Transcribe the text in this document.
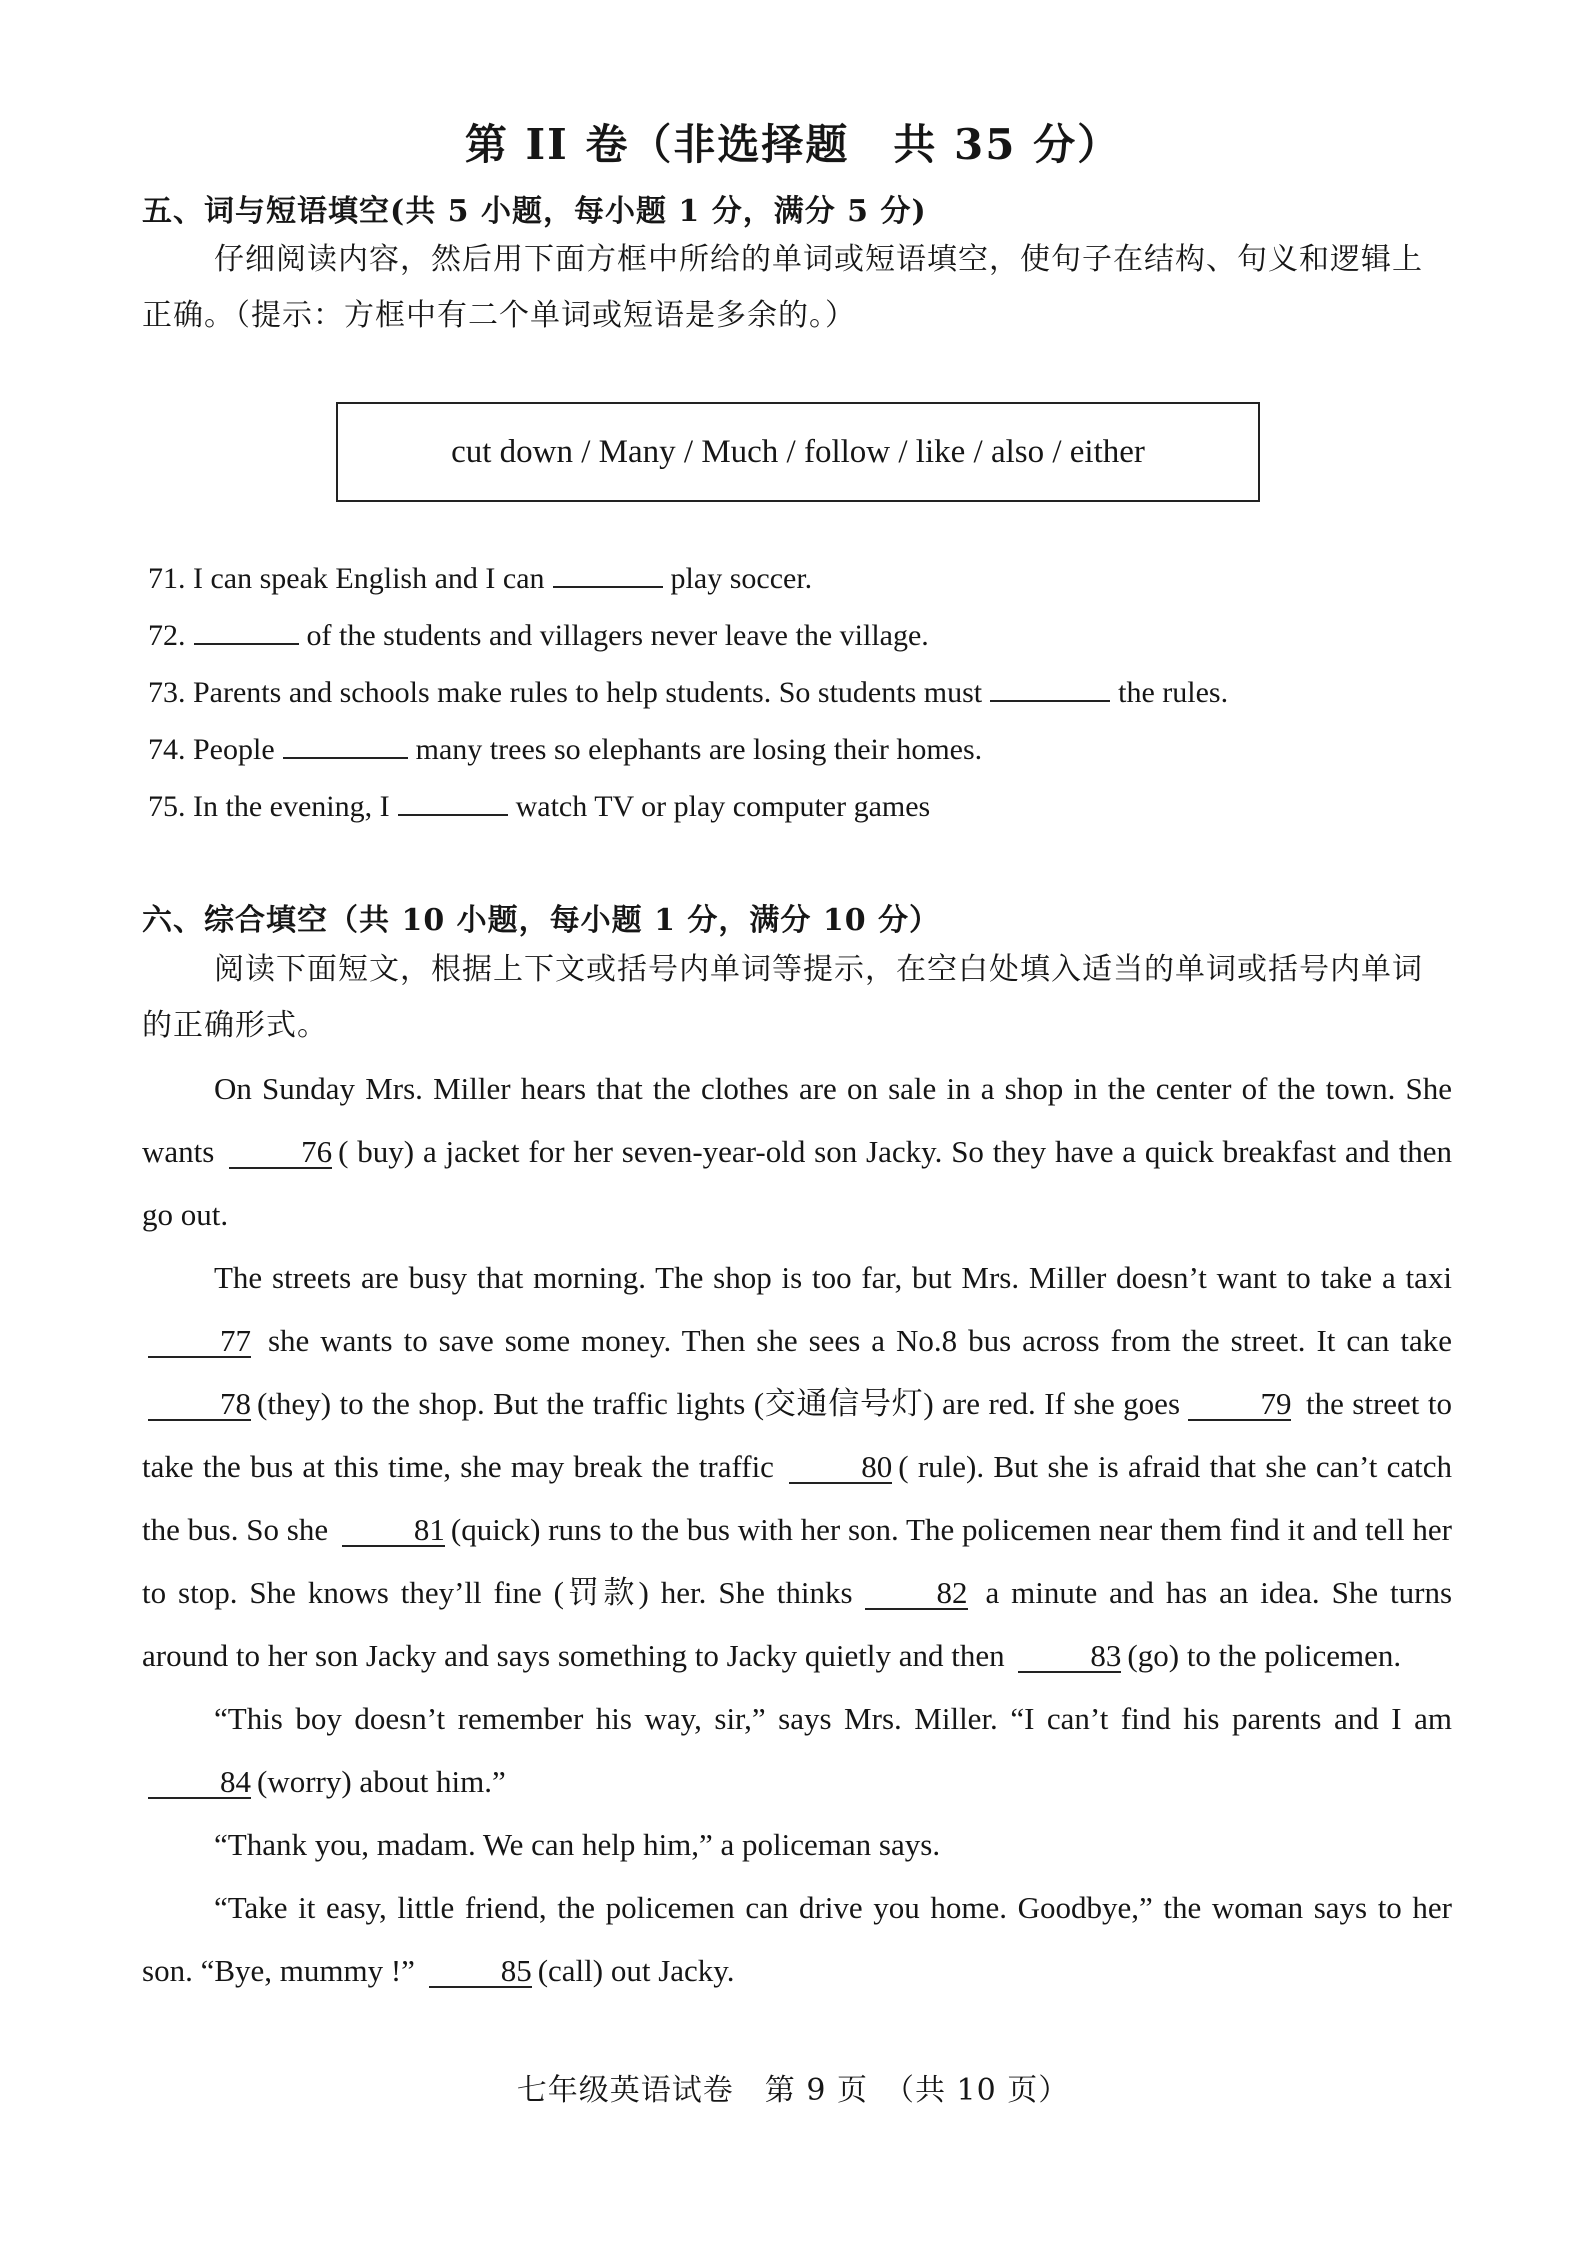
第 II 卷（非选择题　共 35 分）
五、词与短语填空(共 5 小题，每小题 1 分，满分 5 分)
仔细阅读内容，然后用下面方框中所给的单词或短语填空，使句子在结构、句义和逻辑上正确。（提示：方框中有二个单词或短语是多余的。）
cut down / Many / Much / follow / like / also / either
71. I can speak English and I can	play soccer.
72.	of the students and villagers never leave the village.
73. Parents and schools make rules to help students. So students must	the rules.
74. People	many trees so elephants are losing their homes.
75. In the evening, I	watch TV or play computer games
六、综合填空（共 10 小题，每小题 1 分，满分 10 分）
阅读下面短文，根据上下文或括号内单词等提示，在空白处填入适当的单词或括号内单词的正确形式。

On Sunday Mrs. Miller hears that the clothes are on sale in a shop in the center of the town. She wants	76 ( buy) a jacket for her seven-year-old son Jacky. So they have a quick breakfast and then go out.

The streets are busy that morning. The shop is too far, but Mrs. Miller doesn’t want to take a taxi 77 she wants to save some money. Then she sees a No.8 bus across from the street. It can take 78 (they) to the shop. But the traffic lights (交通信号灯) are red. If she goes	79 the street to take the bus at this time, she may break the traffic	80 ( rule). But she is afraid that she can’t catch the bus. So she	81 (quick) runs to the bus with her son. The policemen near them find it and tell her to stop. She knows they’ll fine (罚款) her. She thinks	82 a minute and has an idea. She turns around to her son Jacky and says something to Jacky quietly and then	83 (go) to the policemen.

“This boy doesn’t remember his way, sir,” says Mrs. Miller. “I can’t find his parents and I am 84 (worry) about him.”

“Thank you, madam. We can help him,” a policeman says.

“Take it easy, little friend, the policemen can drive you home. Goodbye,” the woman says to her son. “Bye, mummy !”	85 (call) out Jacky.

七年级英语试卷　第 9 页　（共 10 页）
